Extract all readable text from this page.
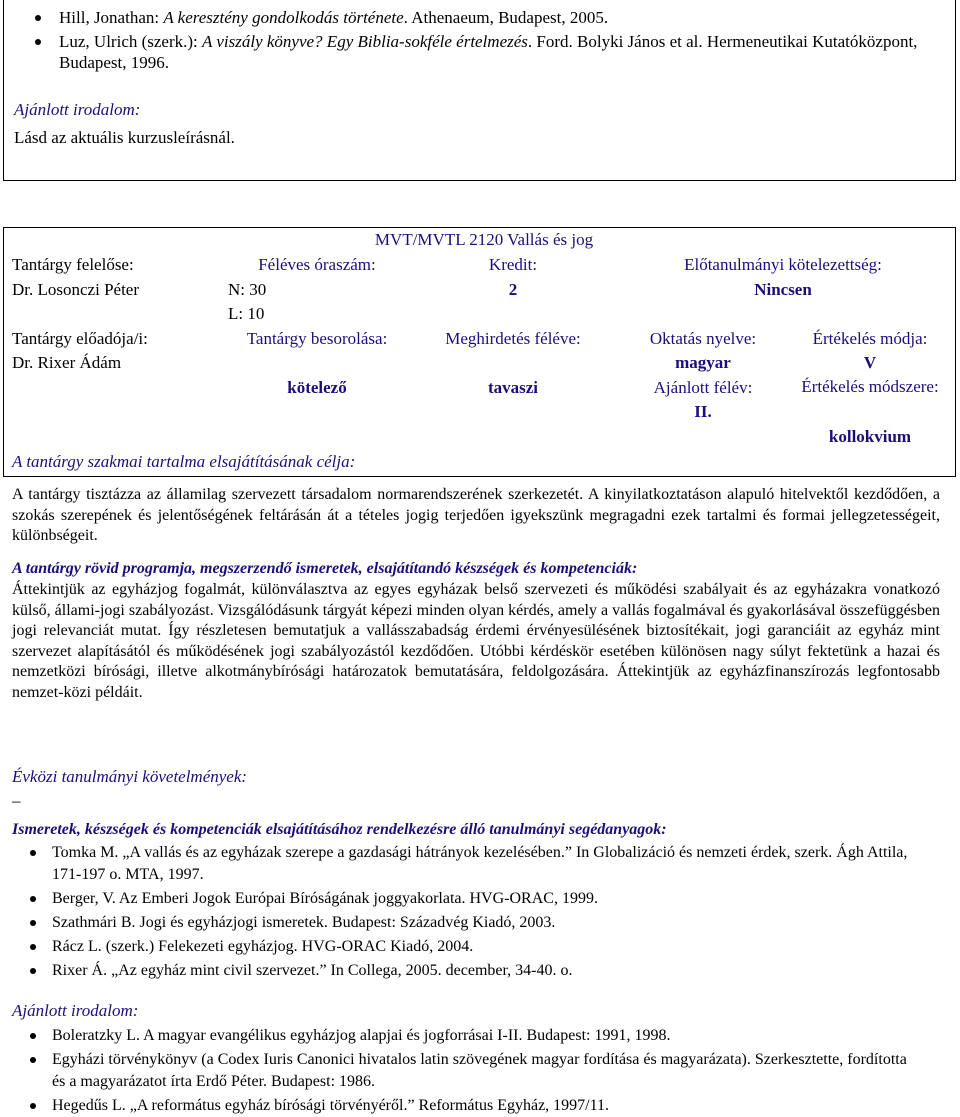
Hill, Jonathan: A keresztény gondolkodás története. Athenaeum, Budapest, 2005.
Luz, Ulrich (szerk.): A viszály könyve? Egy Biblia-sokféle értelmezés. Ford. Bolyki János et al. Hermeneutikai Kutatóközpont, Budapest, 1996.
Ajánlott irodalom:
Lásd az aktuális kurzusleírásnál.
MVT/MVTL 2120 Vallás és jog
Tantárgy felelőse:
Dr. Losonczi Péter
Tantárgy előadója/i:
Dr. Rixer Ádám
Féléves óraszám:
N: 30
L: 10
Tantárgy besorolása:
kötelező
Kredit:
2
Meghirdetés féléve:
tavaszi
Előtanulmányi kötelezettség:
Nincsen
Oktatás nyelve:
magyar
Ajánlott félév:
II.
Értékelés módja:
V
Értékelés módszere:
kollokvium
A tantárgy szakmai tartalma elsajátításának célja:
A tantárgy tisztázza az államilag szervezett társadalom normarendszerének szerkezetét. A kinyilatkoztatáson alapuló hitelvektől kezdődően, a szokás szerepének és jelentőségének feltárásán át a tételes jogig terjedően igyekszünk megragadni ezek tartalmi és formai jellegzetességeit, különbségeit.
A tantárgy rövid programja, megszerzendő ismeretek, elsajátítandó készségek és kompetenciák:
Áttekintjük az egyházjog fogalmát, különválasztva az egyes egyházak belső szervezeti és működési szabályait és az egyházakra vonatkozó külső, állami-jogi szabályozást. Vizsgálódásunk tárgyát képezi minden olyan kérdés, amely a vallás fogalmával és gyakorlásával összefüggésben jogi relevanciát mutat. Így részletesen bemutatjuk a vallásszabadság érdemi érvényesülésének biztosítékait, jogi garanciáit az egyház mint szervezet alapításától és működésének jogi szabályozástól kezdődően. Utóbbi kérdéskör esetében különösen nagy súlyt fektetünk a hazai és nemzetközi bírósági, illetve alkotmánybírósági határozatok bemutatására, feldolgozására. Áttekintjük az egyházfinanszírozás legfontosabb nemzet-közi példáit.
Évközi tanulmányi követelmények:
–
Ismeretek, készségek és kompetenciák elsajátításához rendelkezésre álló tanulmányi segédanyagok:
Tomka M. „A vallás és az egyházak szerepe a gazdasági hátrányok kezelésében.” In Globalizáció és nemzeti érdek, szerk. Ágh Attila, 171-197 o. MTA, 1997.
Berger, V. Az Emberi Jogok Európai Bíróságának joggyakorlata. HVG-ORAC, 1999.
Szathmári B. Jogi és egyházjogi ismeretek. Budapest: Századvég Kiadó, 2003.
Rácz L. (szerk.) Felekezeti egyházjog. HVG-ORAC Kiadó, 2004.
Rixer Á. „Az egyház mint civil szervezet.” In Collega, 2005. december, 34-40. o.
Ajánlott irodalom:
Boleratzky L. A magyar evangélikus egyházjog alapjai és jogforrásai I-II. Budapest: 1991, 1998.
Egyházi törvénykönyv (a Codex Iuris Canonici hivatalos latin szövegének magyar fordítása és magyarázata). Szerkesztette, fordította és a magyarázatot írta Erdő Péter. Budapest: 1986.
Hegedűs L. „A református egyház bírósági törvényéről.” Református Egyház, 1997/11.
